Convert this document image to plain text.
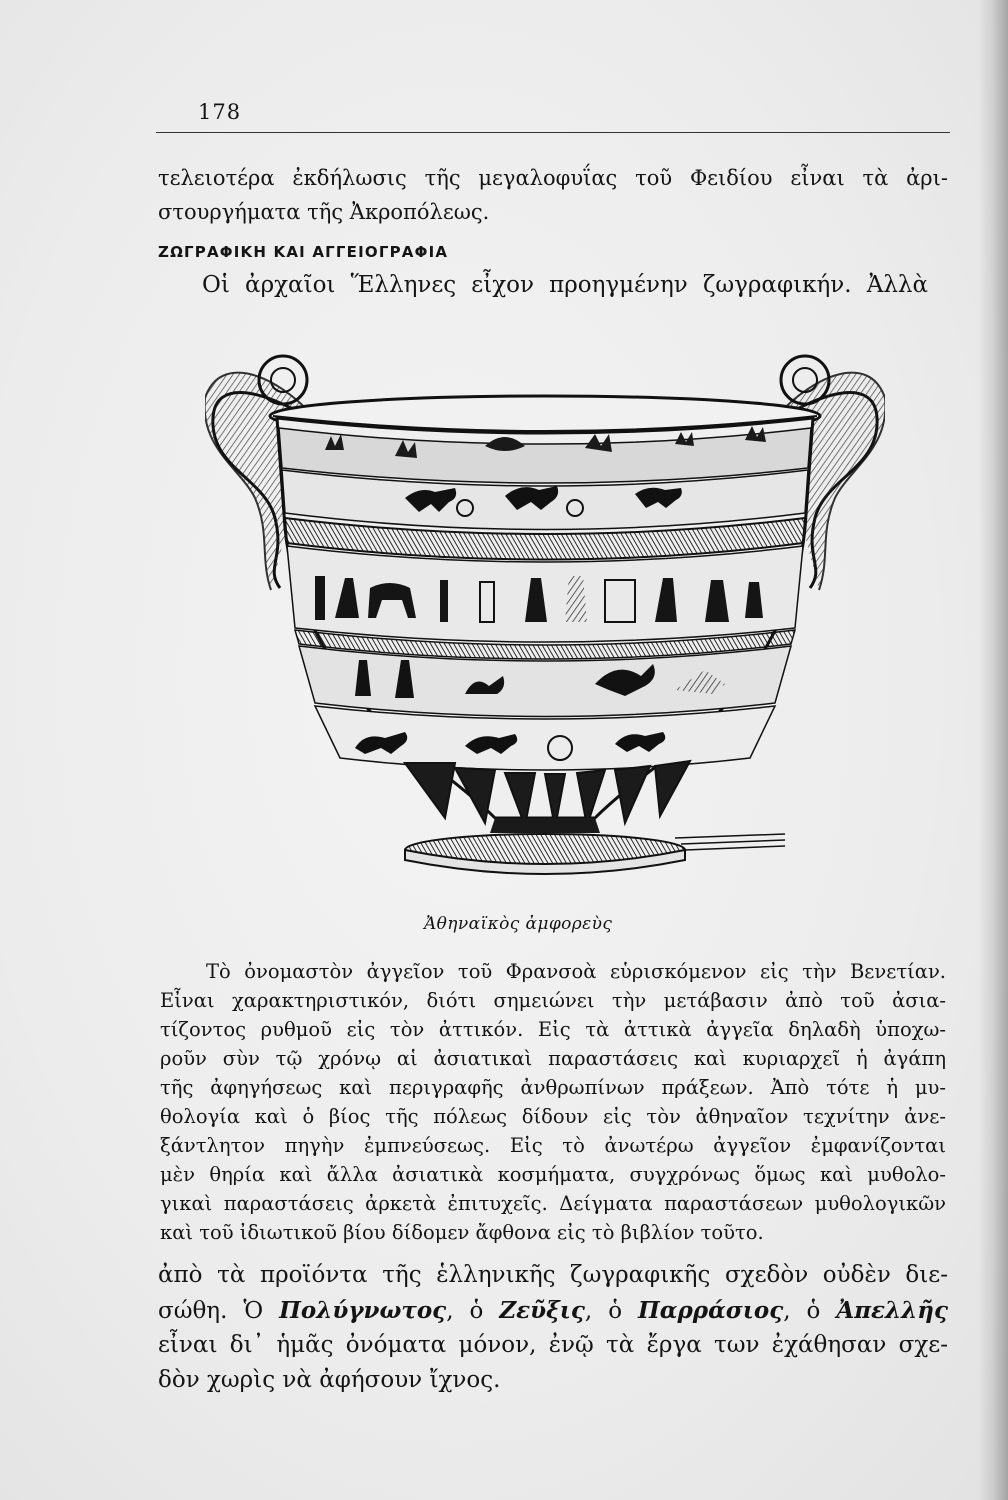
178
τελειοτέρα ἐκδήλωσις τῆς μεγαλοφυΐας τοῦ Φειδίου εἶναι τὰ ἀρι-
στουργήματα τῆς Ἀκροπόλεως.
ΖΩΓΡΑΦΙΚΗ ΚΑΙ ΑΓΓΕΙΟΓΡΑΦΙΑ
Οἱ ἀρχαῖοι Ἕλληνες εἶχον προηγμένην ζωγραφικήν. Ἀλλὰ
Ἀθηναϊκὸς ἀμφορεὺς
Τὸ ὀνομαστὸν ἀγγεῖον τοῦ Φρανσοὰ εὑρισκόμενον εἰς τὴν Βενετίαν.
Εἶναι χαρακτηριστικόν, διότι σημειώνει τὴν μετάβασιν ἀπὸ τοῦ ἀσια-
τίζοντος ρυθμοῦ εἰς τὸν ἀττικόν. Εἰς τὰ ἀττικὰ ἀγγεῖα δηλαδὴ ὑποχω-
ροῦν σὺν τῷ χρόνῳ αἱ ἀσιατικαὶ παραστάσεις καὶ κυριαρχεῖ ἡ ἀγάπη
τῆς ἀφηγήσεως καὶ περιγραφῆς ἀνθρωπίνων πράξεων. Ἀπὸ τότε ἡ μυ-
θολογία καὶ ὁ βίος τῆς πόλεως δίδουν εἰς τὸν ἀθηναῖον τεχνίτην ἀνε-
ξάντλητον πηγὴν ἐμπνεύσεως. Εἰς τὸ ἀνωτέρω ἀγγεῖον ἐμφανίζονται
μὲν θηρία καὶ ἄλλα ἀσιατικὰ κοσμήματα, συγχρόνως ὅμως καὶ μυθολο-
γικαὶ παραστάσεις ἀρκετὰ ἐπιτυχεῖς. Δείγματα παραστάσεων μυθολογικῶν
καὶ τοῦ ἰδιωτικοῦ βίου δίδομεν ἄφθονα εἰς τὸ βιβλίον τοῦτο.
ἀπὸ τὰ προϊόντα τῆς ἑλληνικῆς ζωγραφικῆς σχεδὸν οὐδὲν διε-
σώθη. Ὁ Πολύγνωτος, ὁ Ζεῦξις, ὁ Παρράσιος, ὁ Ἀπελλῆς
εἶναι δι᾽ ἡμᾶς ὀνόματα μόνον, ἐνῷ τὰ ἔργα των ἐχάθησαν σχε-
δὸν χωρὶς νὰ ἀφήσουν ἴχνος.
